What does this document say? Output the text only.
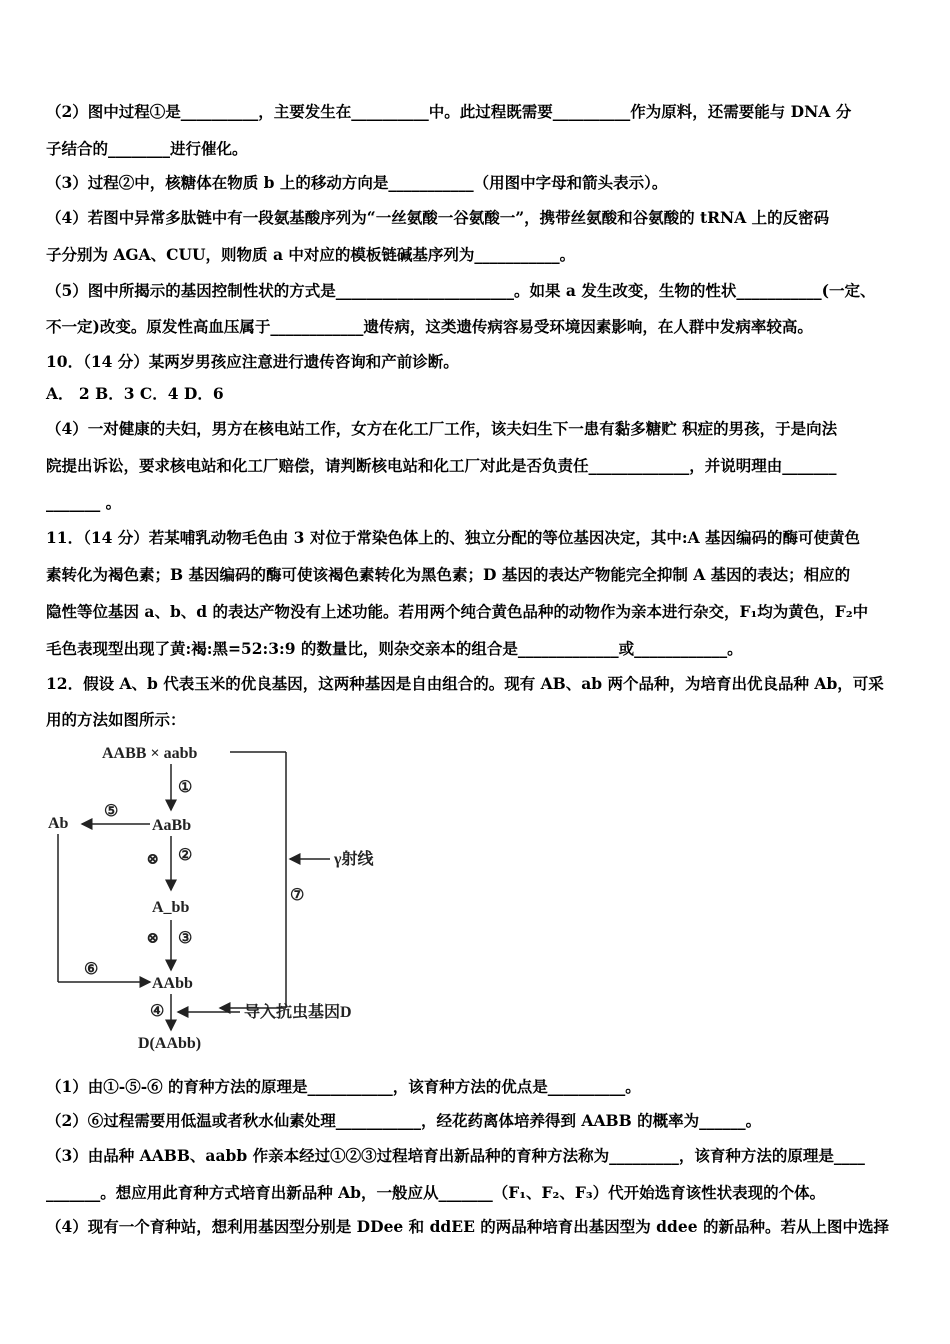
（2）图中过程①是__________，主要发生在__________中。此过程既需要__________作为原料，还需要能与 DNA 分
子结合的________进行催化。
（3）过程②中，核糖体在物质 b 上的移动方向是___________（用图中字母和箭头表示）。
（4）若图中异常多肽链中有一段氨基酸序列为“一丝氨酸一谷氨酸一”，携带丝氨酸和谷氨酸的 tRNA 上的反密码
子分别为 AGA、CUU，则物质 a 中对应的模板链碱基序列为___________。
（5）图中所揭示的基因控制性状的方式是_______________________。如果 a 发生改变，生物的性状___________(一定、
不一定)改变。原发性高血压属于____________遗传病，这类遗传病容易受环境因素影响，在人群中发病率较高。
10．（14 分）某两岁男孩应注意进行遗传咨询和产前诊断。
A． 2 B．3 C．4 D．6
（4）一对健康的夫妇，男方在核电站工作，女方在化工厂工作，该夫妇生下一患有黏多糖贮 积症的男孩，于是向法
院提出诉讼，要求核电站和化工厂赔偿，请判断核电站和化工厂对此是否负责任_____________，并说明理由_______
_______ 。
11．（14 分）若某哺乳动物毛色由 3 对位于常染色体上的、独立分配的等位基因决定，其中:A 基因编码的酶可使黄色
素转化为褐色素；B 基因编码的酶可使该褐色素转化为黑色素；D 基因的表达产物能完全抑制 A 基因的表达；相应的
隐性等位基因 a、b、d 的表达产物没有上述功能。若用两个纯合黄色品种的动物作为亲本进行杂交，F₁均为黄色，F₂中
毛色表现型出现了黄:褐:黑=52:3:9 的数量比，则杂交亲本的组合是_____________或____________。
12．假设 A、b 代表玉米的优良基因，这两种基因是自由组合的。现有 AB、ab 两个品种，为培育出优良品种 Ab，可采
用的方法如图所示：
AABB × aabb
γ射线
⑦
①
AaBb
⑤
Ab
⑥
⊗ ②
A_bb
⊗ ③
AAbb
④	导入抗虫基因D
D(AAbb)
（1）由①-⑤-⑥ 的育种方法的原理是___________，该育种方法的优点是__________。
（2）⑥过程需要用低温或者秋水仙素处理___________，经花药离体培养得到 AABB 的概率为______。
（3）由品种 AABB、aabb 作亲本经过①②③过程培育出新品种的育种方法称为_________，该育种方法的原理是____
_______。想应用此育种方式培育出新品种 Ab，一般应从_______（F₁、F₂、F₃）代开始选育该性状表现的个体。
（4）现有一个育种站，想利用基因型分别是 DDee 和 ddEE 的两品种培育出基因型为 ddee 的新品种。若从上图中选择
